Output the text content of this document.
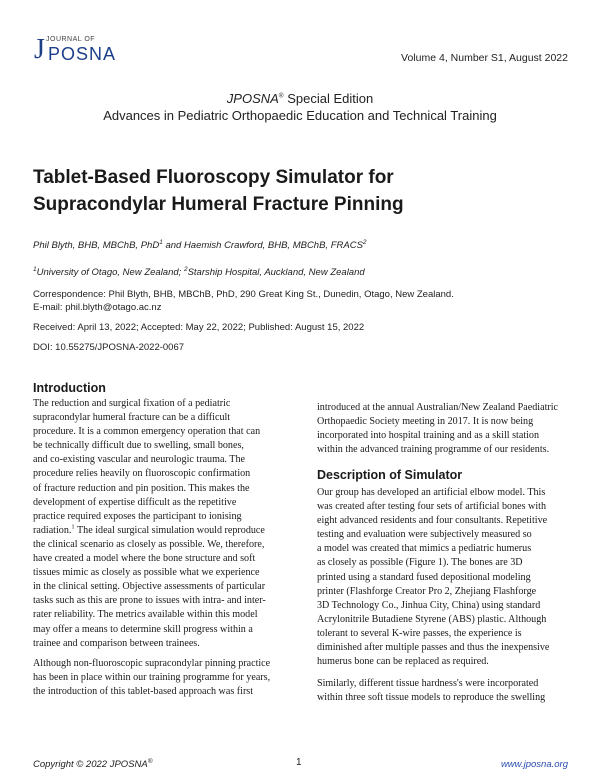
JOURNAL OF
J POSNA	Volume 4, Number S1, August 2022
JPOSNA® Special Edition
Advances in Pediatric Orthopaedic Education and Technical Training
Tablet-Based Fluoroscopy Simulator for
Supracondylar Humeral Fracture Pinning
Phil Blyth, BHB, MBChB, PhD$^1$ and Haemish Crawford, BHB, MBChB, FRACS$^2$
$^1$University of Otago, New Zealand; $^2$Starship Hospital, Auckland, New Zealand
Correspondence: Phil Blyth, BHB, MBChB, PhD, 290 Great King St., Dunedin, Otago, New Zealand.
E-mail: phil.blyth@otago.ac.nz
Received: April 13, 2022; Accepted: May 22, 2022; Published: August 15, 2022
DOI: 10.55275/JPOSNA-2022-0067
Introduction

The reduction and surgical fixation of a pediatric
supracondylar humeral fracture can be a difficult
procedure. It is a common emergency operation that can
be technically difficult due to swelling, small bones,
and co-existing vascular and neurologic trauma. The
procedure relies heavily on fluoroscopic confirmation
of fracture reduction and pin position. This makes the
development of expertise difficult as the repetitive
practice required exposes the participant to ionising
radiation.$^1$ The ideal surgical simulation would reproduce
the clinical scenario as closely as possible. We, therefore,
have created a model where the bone structure and soft
tissues mimic as closely as possible what we experience
in the clinical setting. Objective assessments of particular
tasks such as this are prone to issues with intra- and inter-
rater reliability. The metrics available within this model
may offer a means to determine skill progress within a
trainee and comparison between trainees.

Although non-fluoroscopic supracondylar pinning practice
has been in place within our training programme for years,
the introduction of this tablet-based approach was first

introduced at the annual Australian/New Zealand Paediatric
Orthopaedic Society meeting in 2017. It is now being
incorporated into hospital training and as a skill station
within the advanced training programme of our residents.

Description of Simulator

Our group has developed an artificial elbow model. This
was created after testing four sets of artificial bones with
eight advanced residents and four consultants. Repetitive
testing and evaluation were subjectively measured so
a model was created that mimics a pediatric humerus
as closely as possible (Figure 1). The bones are 3D
printed using a standard fused depositional modeling
printer (Flashforge Creator Pro 2, Zhejiang Flashforge
3D Technology Co., Jinhua City, China) using standard
Acrylonitrile Butadiene Styrene (ABS) plastic. Although
tolerant to several K-wire passes, the experience is
diminished after multiple passes and thus the inexpensive
humerus bone can be replaced as required.

Similarly, different tissue hardness's were incorporated
within three soft tissue models to reproduce the swelling

Copyright © 2022 JPOSNA®	1	www.jposna.org
